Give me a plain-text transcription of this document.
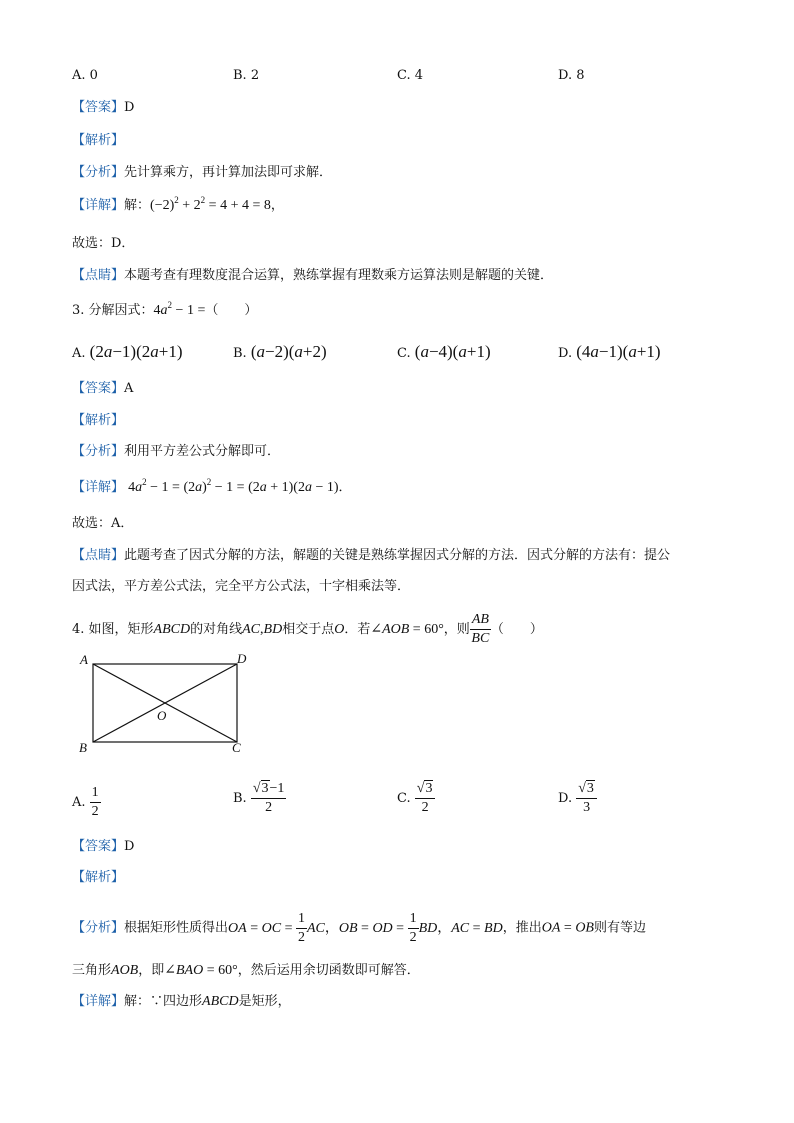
A. 0	B. 2	C. 4	D. 8
【答案】D
【解析】
【分析】先计算乘方，再计算加法即可求解．
【详解】解：$(-2)^2 + 2^2 = 4 + 4 = 8$，
故选：D．
【点睛】本题考查有理数度混合运算，熟练掌握有理数乘方运算法则是解题的关键．
3. 分解因式：$4a^2 - 1$ =（　　）
A. (2a−1)(2a+1)	B. (a−2)(a+2)	C. (a−4)(a+1)	D. (4a−1)(a+1)
【答案】A
【解析】
【分析】利用平方差公式分解即可．
【详解】 $4a^2 - 1 = (2a)^2 - 1 = (2a + 1)(2a - 1)$．
故选：A．
【点睛】此题考查了因式分解的方法，解题的关键是熟练掌握因式分解的方法．因式分解的方法有：提公
因式法，平方差公式法，完全平方公式法，十字相乘法等．
4. 如图，矩形ABCD的对角线AC,BD相交于点O．若∠AOB = 60°，则 $\frac{AB}{BC}$ （　　）
A	D
B	C
O
A. $\frac{1}{2}$	B. $\frac{√3-1}{2}$	C. $\frac{√3}{2}$	D. $\frac{√3}{3}$
【答案】D
【解析】
【分析】根据矩形性质得出OA = OC = $\frac{1}{2}$ AC，OB = OD = $\frac{1}{2}$ BD，AC = BD，推出OA = OB则有等边
三角形AOB，即∠BAO = 60°，然后运用余切函数即可解答．
【详解】解：∵四边形ABCD是矩形，
